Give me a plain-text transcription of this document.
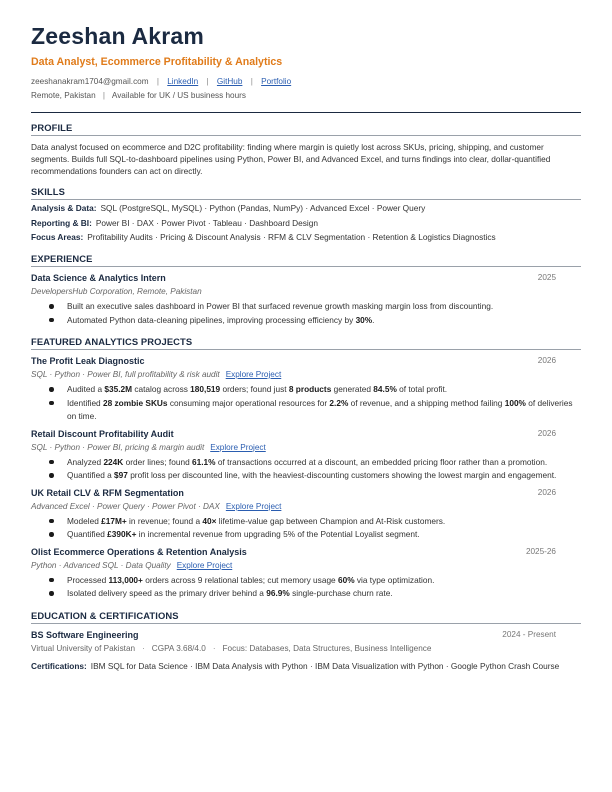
Zeeshan Akram
Data Analyst, Ecommerce Profitability & Analytics
zeeshanakram1704@gmail.com | LinkedIn | GitHub | Portfolio
Remote, Pakistan | Available for UK / US business hours
PROFILE
Data analyst focused on ecommerce and D2C profitability: finding where margin is quietly lost across SKUs, pricing, shipping, and customer segments. Builds full SQL-to-dashboard pipelines using Python, Power BI, and Advanced Excel, and turns findings into clear, dollar-quantified recommendations founders can act on directly.
SKILLS
Analysis & Data: SQL (PostgreSQL, MySQL) · Python (Pandas, NumPy) · Advanced Excel · Power Query
Reporting & BI: Power BI · DAX · Power Pivot · Tableau · Dashboard Design
Focus Areas: Profitability Audits · Pricing & Discount Analysis · RFM & CLV Segmentation · Retention & Logistics Diagnostics
EXPERIENCE
Data Science & Analytics Intern	2025
DevelopersHub Corporation, Remote, Pakistan
Built an executive sales dashboard in Power BI that surfaced revenue growth masking margin loss from discounting.
Automated Python data-cleaning pipelines, improving processing efficiency by 30%.
FEATURED ANALYTICS PROJECTS
The Profit Leak Diagnostic	2026
SQL · Python · Power BI, full profitability & risk audit Explore Project
Audited a $35.2M catalog across 180,519 orders; found just 8 products generated 84.5% of total profit.
Identified 28 zombie SKUs consuming major operational resources for 2.2% of revenue, and a shipping method failing 100% of deliveries on time.
Retail Discount Profitability Audit	2026
SQL · Python · Power BI, pricing & margin audit Explore Project
Analyzed 224K order lines; found 61.1% of transactions occurred at a discount, an embedded pricing floor rather than a promotion.
Quantified a $97 profit loss per discounted line, with the heaviest-discounting customers showing the lowest margin and engagement.
UK Retail CLV & RFM Segmentation	2026
Advanced Excel · Power Query · Power Pivot · DAX Explore Project
Modeled £17M+ in revenue; found a 40× lifetime-value gap between Champion and At-Risk customers.
Quantified £390K+ in incremental revenue from upgrading 5% of the Potential Loyalist segment.
Olist Ecommerce Operations & Retention Analysis	2025-26
Python · Advanced SQL · Data Quality Explore Project
Processed 113,000+ orders across 9 relational tables; cut memory usage 60% via type optimization.
Isolated delivery speed as the primary driver behind a 96.9% single-purchase churn rate.
EDUCATION & CERTIFICATIONS
BS Software Engineering	2024 - Present
Virtual University of Pakistan · CGPA 3.68/4.0 · Focus: Databases, Data Structures, Business Intelligence
Certifications: IBM SQL for Data Science · IBM Data Analysis with Python · IBM Data Visualization with Python · Google Python Crash Course
